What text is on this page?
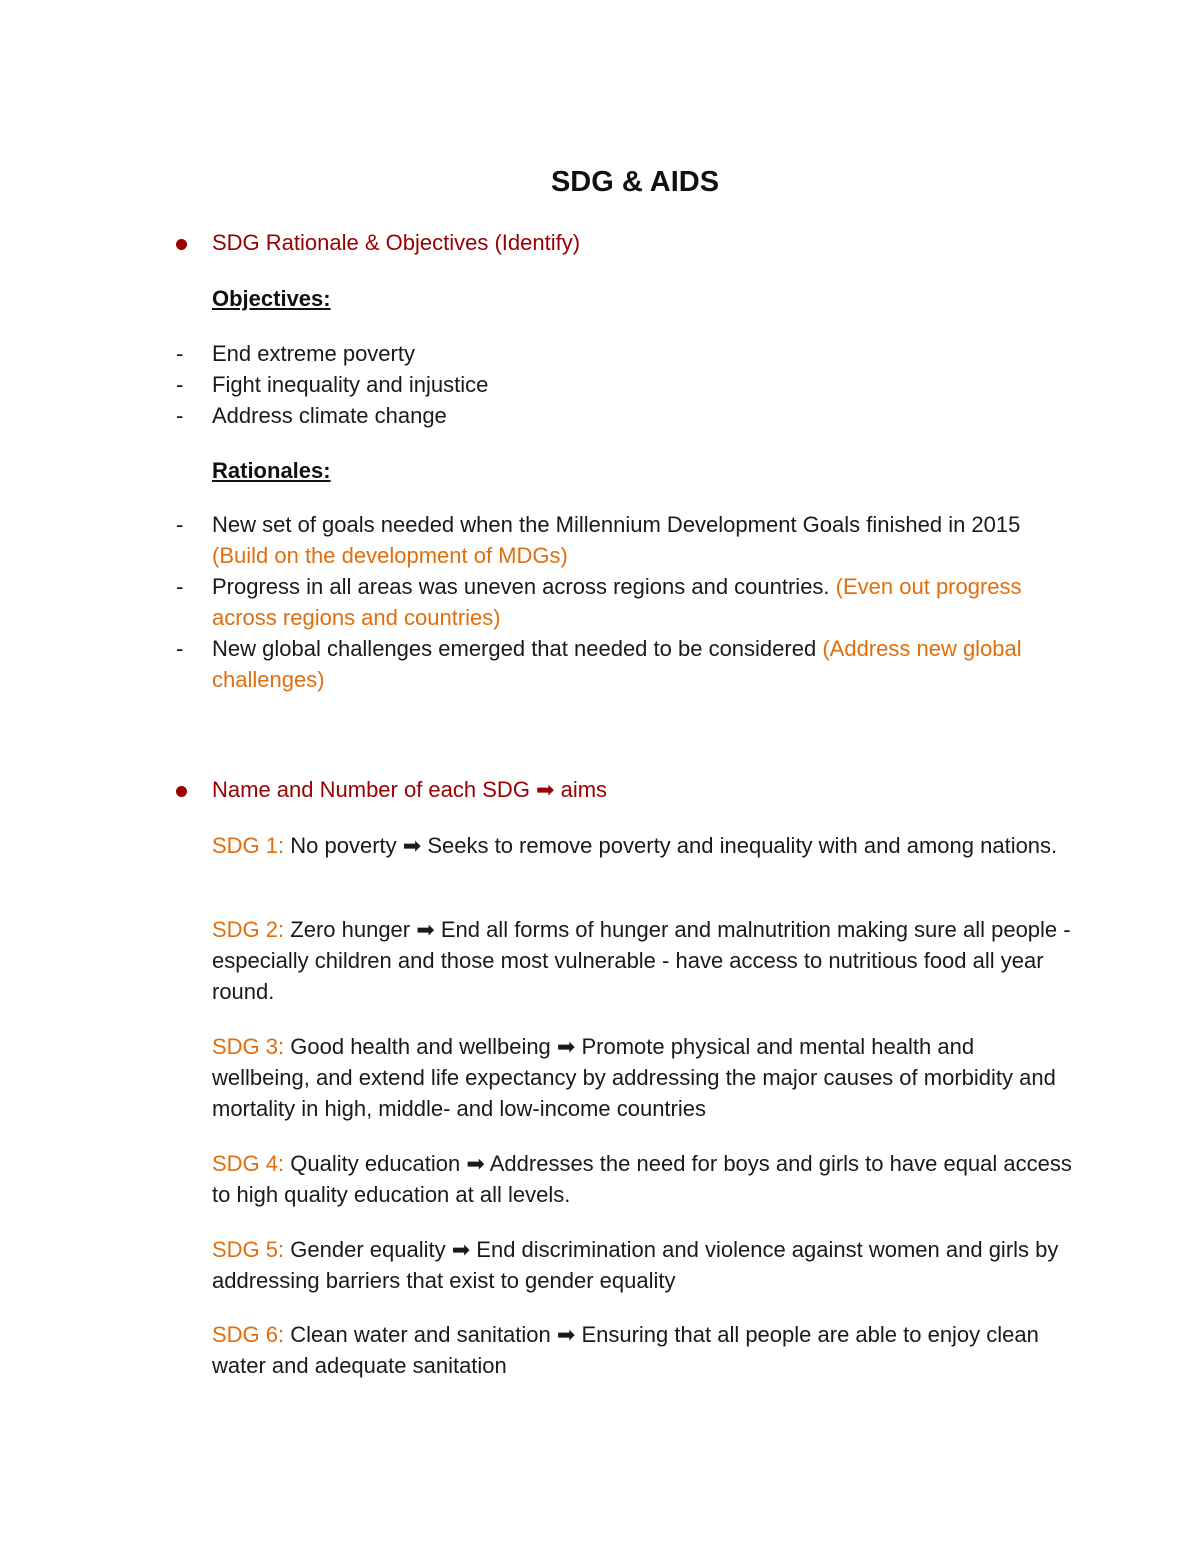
SDG & AIDS
SDG Rationale & Objectives (Identify)
Objectives:
- End extreme poverty
- Fight inequality and injustice
- Address climate change
Rationales:
- New set of goals needed when the Millennium Development Goals finished in 2015 (Build on the development of MDGs)
- Progress in all areas was uneven across regions and countries. (Even out progress across regions and countries)
- New global challenges emerged that needed to be considered (Address new global challenges)
Name and Number of each SDG ➡ aims
SDG 1: No poverty ➡ Seeks to remove poverty and inequality with and among nations.
SDG 2: Zero hunger ➡ End all forms of hunger and malnutrition making sure all people - especially children and those most vulnerable - have access to nutritious food all year round.
SDG 3: Good health and wellbeing ➡ Promote physical and mental health and wellbeing, and extend life expectancy by addressing the major causes of morbidity and mortality in high, middle- and low-income countries
SDG 4: Quality education ➡ Addresses the need for boys and girls to have equal access to high quality education at all levels.
SDG 5: Gender equality ➡ End discrimination and violence against women and girls by addressing barriers that exist to gender equality
SDG 6: Clean water and sanitation ➡ Ensuring that all people are able to enjoy clean water and adequate sanitation
